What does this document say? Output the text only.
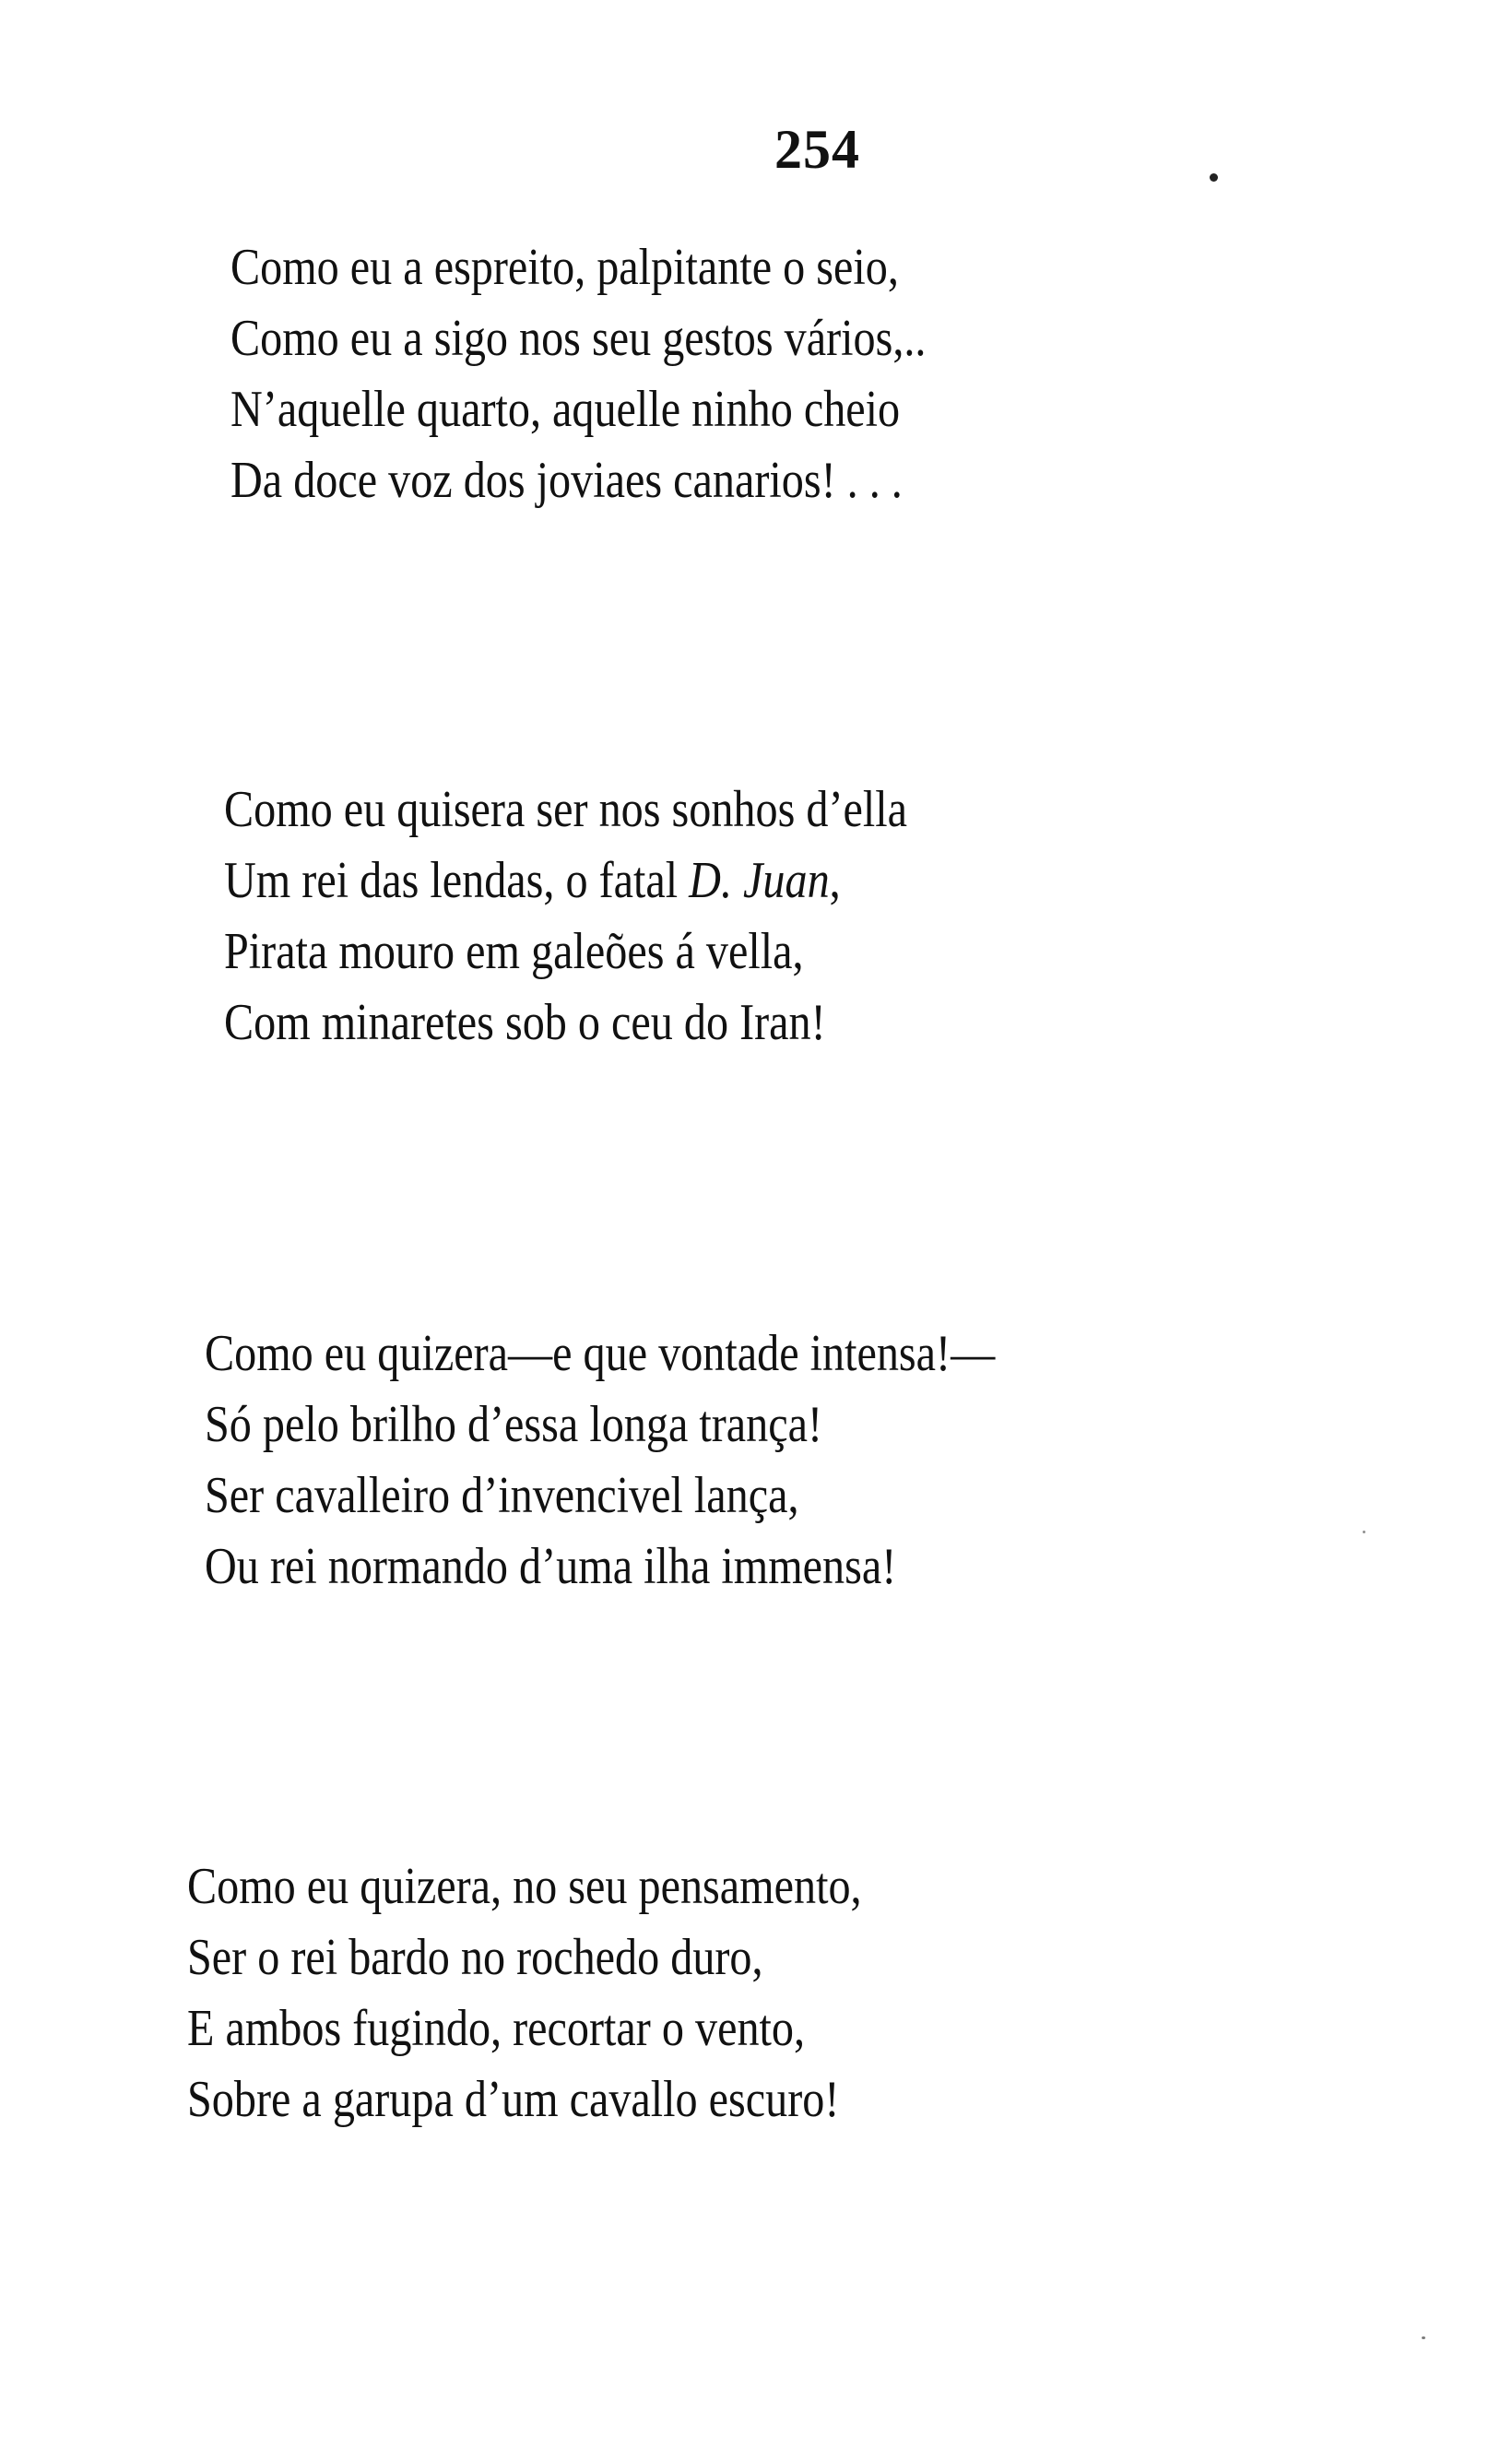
254
Como eu a espreito, palpitante o seio,
Como eu a sigo nos seu gestos vários,..
N’aquelle quarto, aquelle ninho cheio
Da doce voz dos joviaes canarios! . . .
Como eu quisera ser nos sonhos d’ella
Um rei das lendas, o fatal D. Juan,
Pirata mouro em galeões á vella,
Com minaretes sob o ceu do Iran!
Como eu quizera—e que vontade intensa!—
Só pelo brilho d’essa longa trança!
Ser cavalleiro d’invencivel lança,
Ou rei normando d’uma ilha immensa!
Como eu quizera, no seu pensamento,
Ser o rei bardo no rochedo duro,
E ambos fugindo, recortar o vento,
Sobre a garupa d’um cavallo escuro!
